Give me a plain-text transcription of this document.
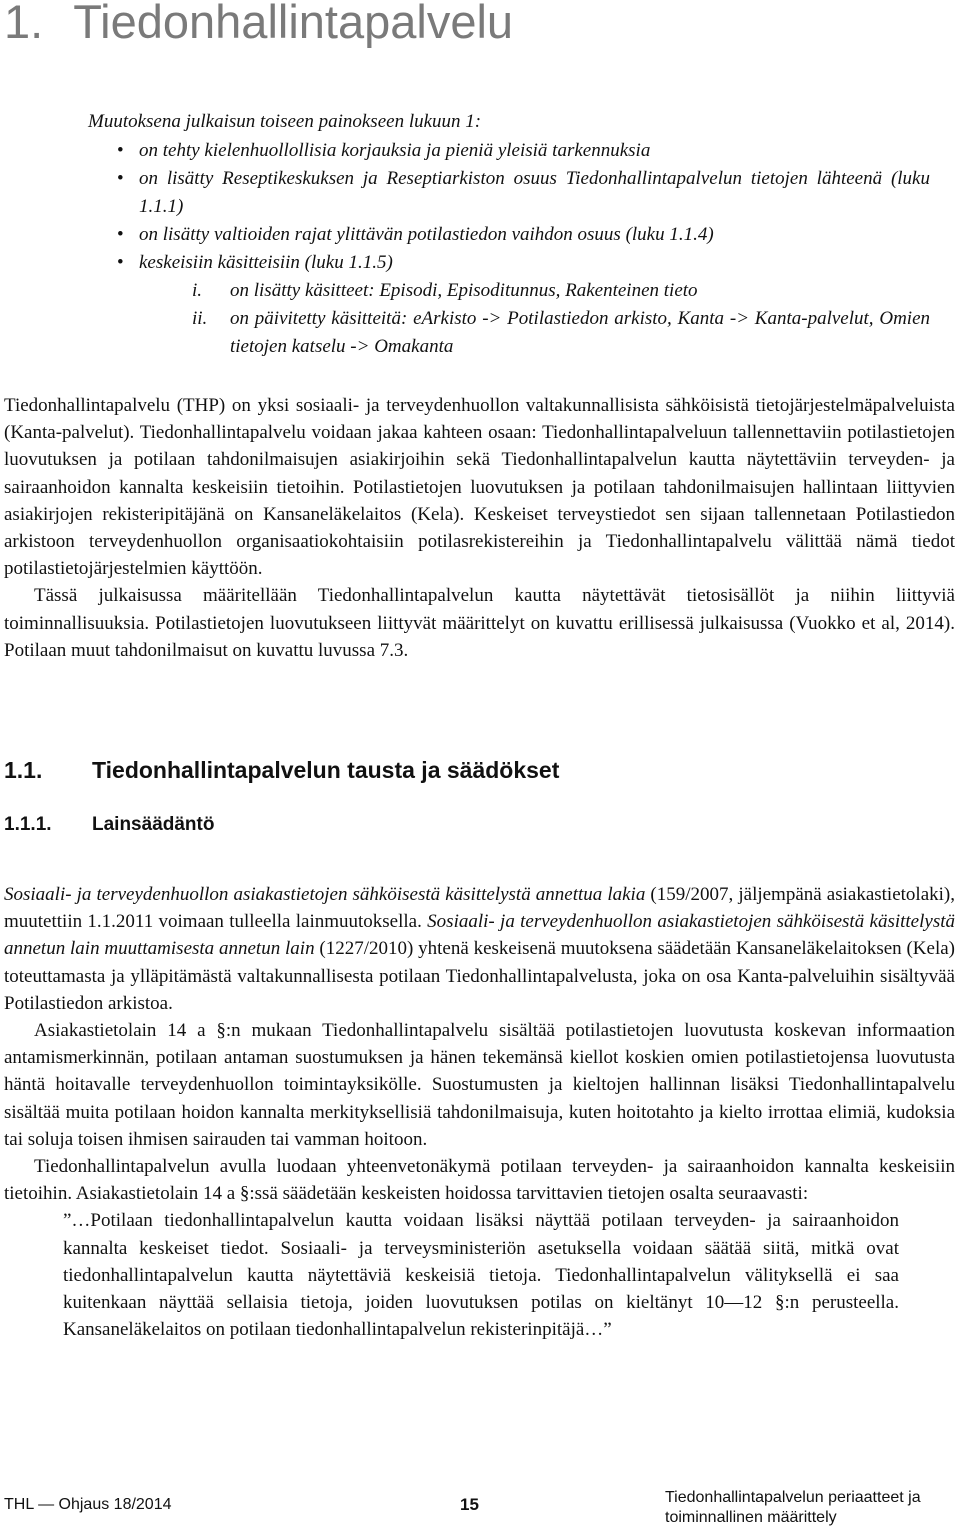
1. Tiedonhallintapalvelu

Muutoksena julkaisun toiseen painokseen lukuun 1:

• on tehty kielenhuollollisia korjauksia ja pieniä yleisiä tarkennuksia
• on lisätty Reseptikeskuksen ja Reseptiarkiston osuus Tiedonhallintapalvelun tietojen lähteenä (luku 1.1.1)
• on lisätty valtioiden rajat ylittävän potilastiedon vaihdon osuus (luku 1.1.4)
• keskeisiin käsitteisiin (luku 1.1.5)
i.	on lisätty käsitteet: Episodi, Episoditunnus, Rakenteinen tieto
ii.	on päivitetty käsitteitä: eArkisto -> Potilastiedon arkisto, Kanta -> Kanta-palvelut, Omien tietojen katselu -> Omakanta

Tiedonhallintapalvelu (THP) on yksi sosiaali- ja terveydenhuollon valtakunnallisista sähköisistä tietojärjestelmäpalveluista (Kanta-palvelut). Tiedonhallintapalvelu voidaan jakaa kahteen osaan: Tiedonhallintapalveluun tallennettaviin potilastietojen luovutuksen ja potilaan tahdonilmaisujen asiakirjoihin sekä Tiedonhallintapalvelun kautta näytettäviin terveyden- ja sairaanhoidon kannalta keskeisiin tietoihin. Potilastietojen luovutuksen ja potilaan tahdonilmaisujen hallintaan liittyvien asiakirjojen rekisteripitäjänä on Kansaneläkelaitos (Kela). Keskeiset terveystiedot sen sijaan tallennetaan Potilastiedon arkistoon terveydenhuollon organisaatiokohtaisiin potilasrekistereihin ja Tiedonhallintapalvelu välittää nämä tiedot potilastietojärjestelmien käyttöön.

Tässä julkaisussa määritellään Tiedonhallintapalvelun kautta näytettävät tietosisällöt ja niihin liittyviä toiminnallisuuksia. Potilastietojen luovutukseen liittyvät määrittelyt on kuvattu erillisessä julkaisussa (Vuokko et al, 2014). Potilaan muut tahdonilmaisut on kuvattu luvussa 7.3.

1.1. Tiedonhallintapalvelun tausta ja säädökset
1.1.1. Lainsäädäntö

Sosiaali- ja terveydenhuollon asiakastietojen sähköisestä käsittelystä annettua lakia (159/2007, jäljempänä asiakastietolaki), muutettiin 1.1.2011 voimaan tulleella lainmuutoksella. Sosiaali- ja terveydenhuollon asiakastietojen sähköisestä käsittelystä annetun lain muuttamisesta annetun lain (1227/2010) yhtenä keskeisenä muutoksena säädetään Kansaneläkelaitoksen (Kela) toteuttamasta ja ylläpitämästä valtakunnallisesta potilaan Tiedonhallintapalvelusta, joka on osa Kanta-palveluihin sisältyvää Potilastiedon arkistoa.

Asiakastietolain 14 a §:n mukaan Tiedonhallintapalvelu sisältää potilastietojen luovutusta koskevan informaation antamismerkinnän, potilaan antaman suostumuksen ja hänen tekemänsä kiellot koskien omien potilastietojensa luovutusta häntä hoitavalle terveydenhuollon toimintayksikölle. Suostumusten ja kieltojen hallinnan lisäksi Tiedonhallintapalvelu sisältää muita potilaan hoidon kannalta merkityksellisiä tahdonilmaisuja, kuten hoitotahto ja kielto irrottaa elimiä, kudoksia tai soluja toisen ihmisen sairauden tai vamman hoitoon.

Tiedonhallintapalvelun avulla luodaan yhteenvetonäkymä potilaan terveyden- ja sairaanhoidon kannalta keskeisiin tietoihin. Asiakastietolain 14 a §:ssä säädetään keskeisten hoidossa tarvittavien tietojen osalta seuraavasti:

”…Potilaan tiedonhallintapalvelun kautta voidaan lisäksi näyttää potilaan terveyden- ja sairaanhoidon kannalta keskeiset tiedot. Sosiaali- ja terveysministeriön asetuksella voidaan säätää siitä, mitkä ovat tiedonhallintapalvelun kautta näytettäviä keskeisiä tietoja. Tiedonhallintapalvelun välityksellä ei saa kuitenkaan näyttää sellaisia tietoja, joiden luovutuksen potilas on kieltänyt 10—12 §:n perusteella. Kansaneläkelaitos on potilaan tiedonhallintapalvelun rekisterinpitäjä…”

THL — Ohjaus 18/2014	15	Tiedonhallintapalvelun periaatteet ja toiminnallinen määrittely
